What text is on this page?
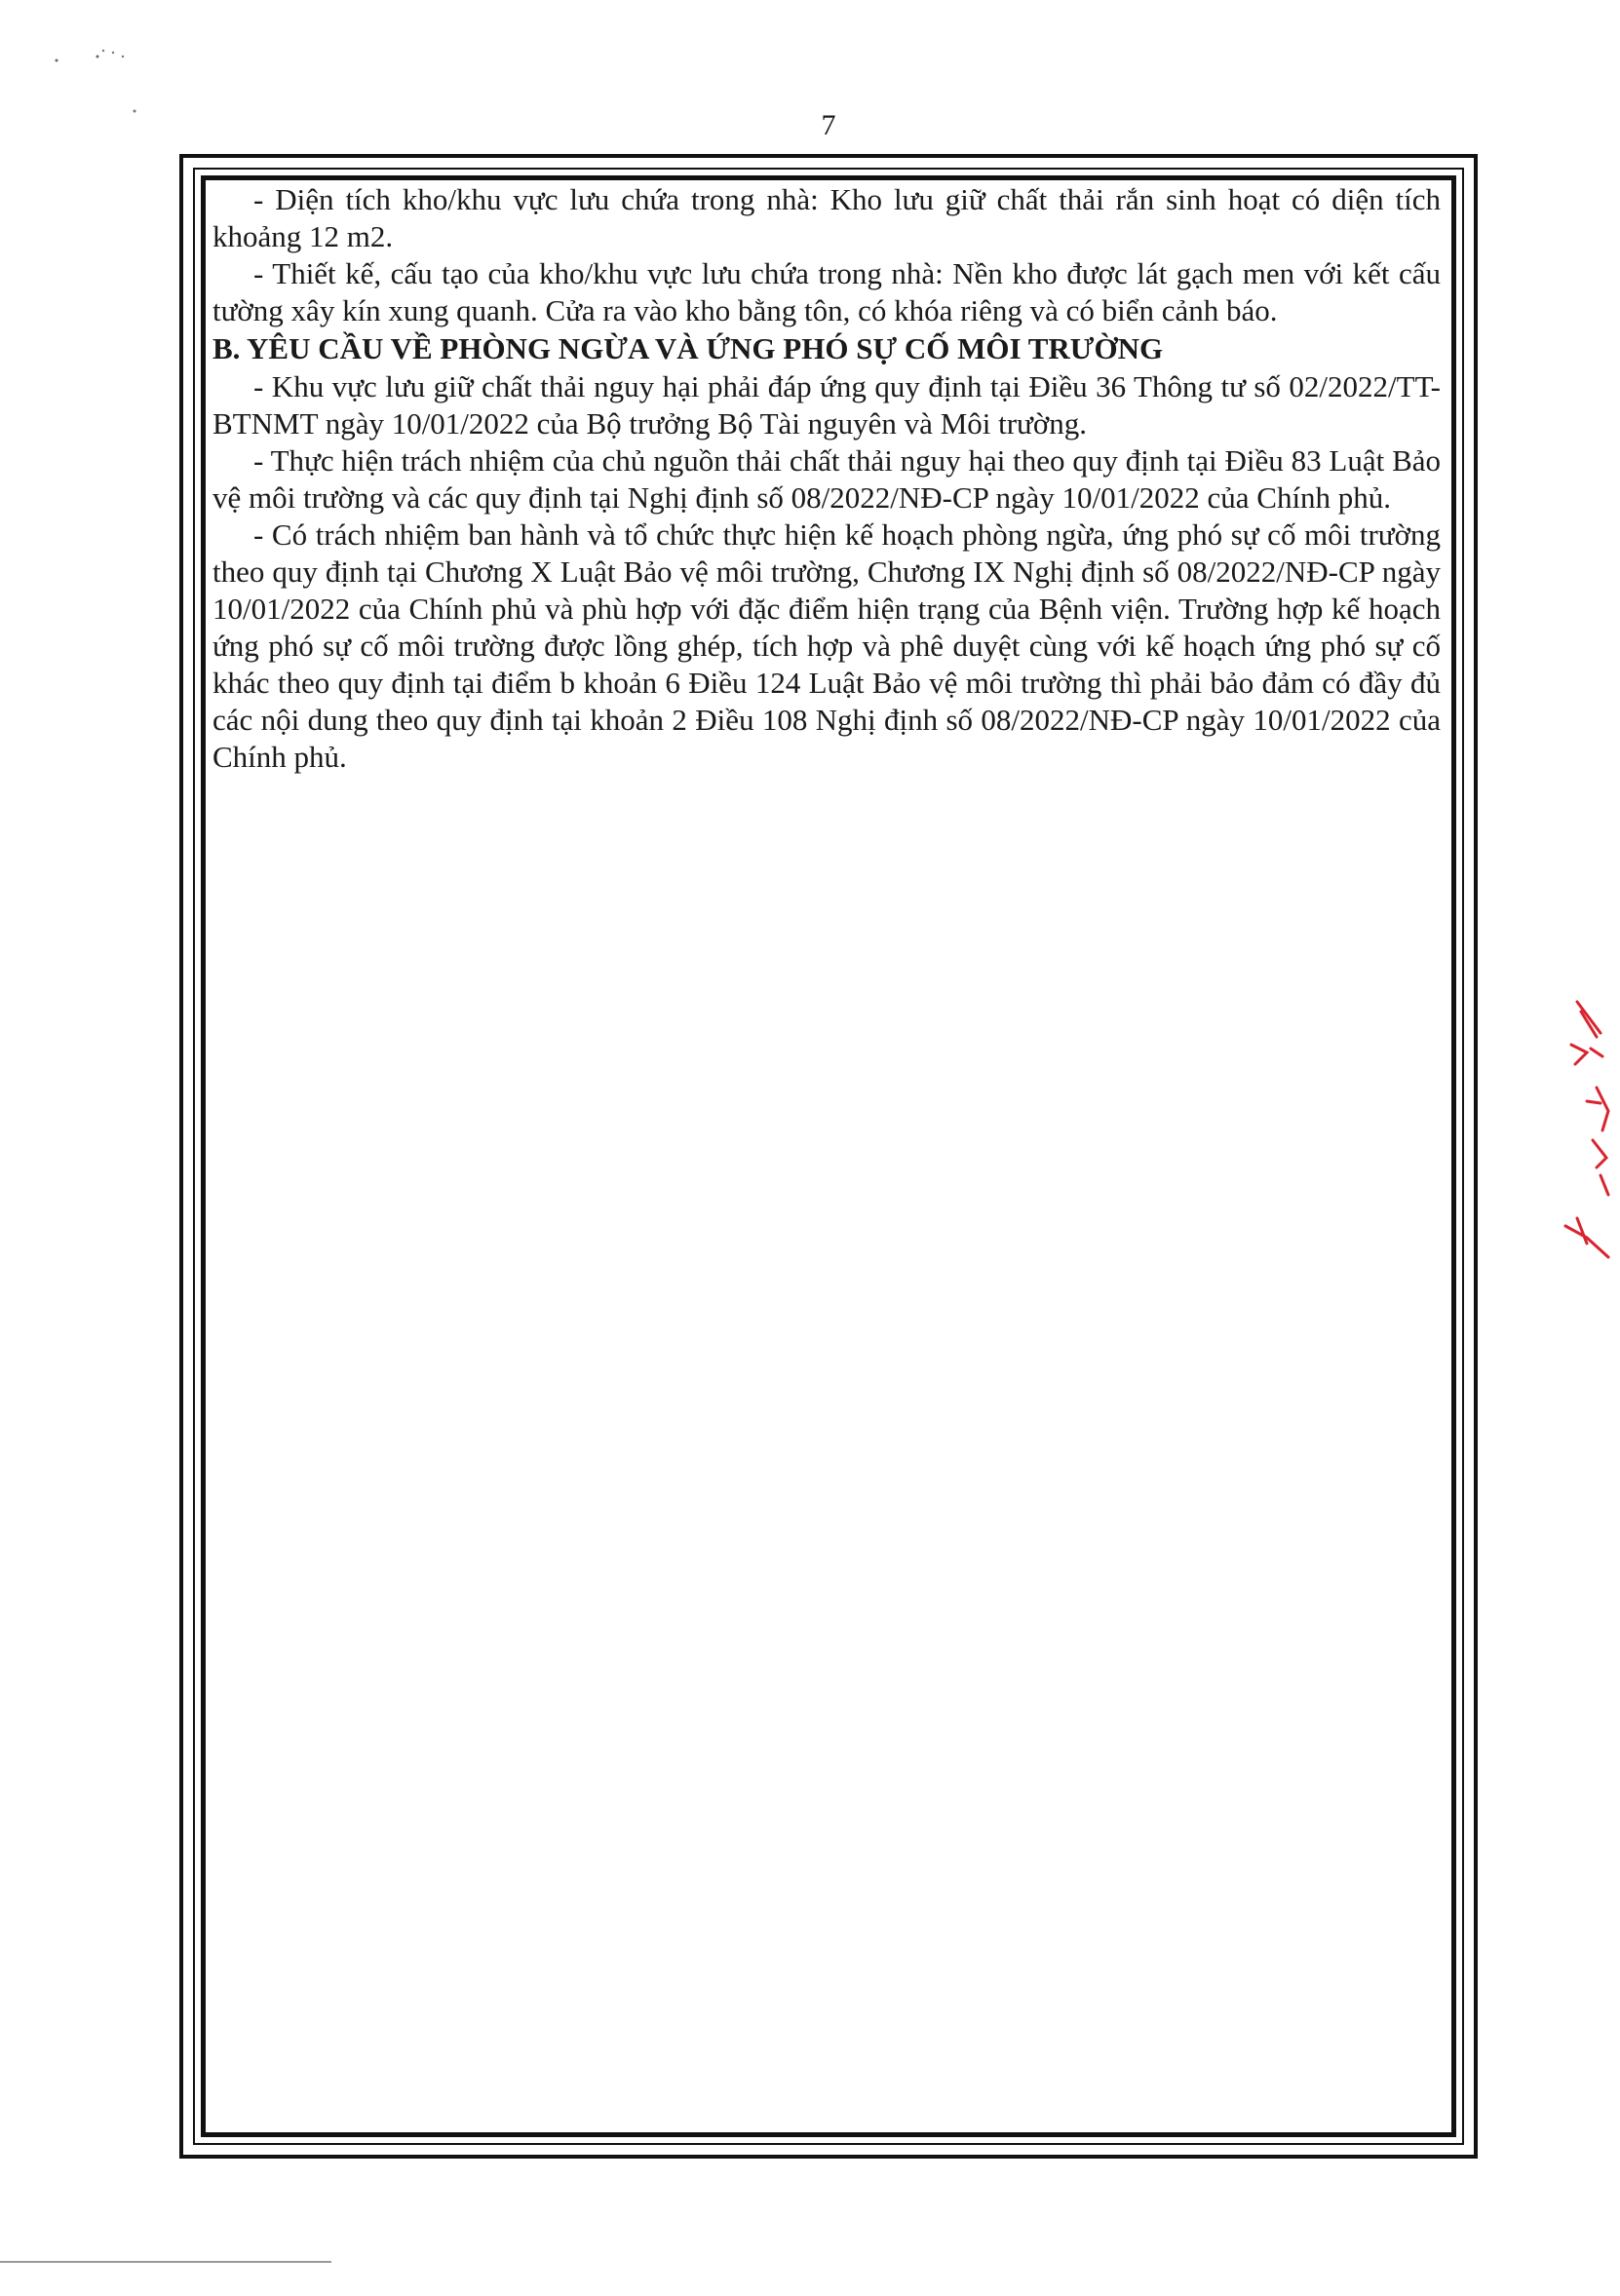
7

- Diện tích kho/khu vực lưu chứa trong nhà: Kho lưu giữ chất thải rắn sinh hoạt có diện tích khoảng 12 m2.

- Thiết kế, cấu tạo của kho/khu vực lưu chứa trong nhà: Nền kho được lát gạch men với kết cấu tường xây kín xung quanh. Cửa ra vào kho bằng tôn, có khóa riêng và có biển cảnh báo.

B. YÊU CẦU VỀ PHÒNG NGỪA VÀ ỨNG PHÓ SỰ CỐ MÔI TRƯỜNG

- Khu vực lưu giữ chất thải nguy hại phải đáp ứng quy định tại Điều 36 Thông tư số 02/2022/TT-BTNMT ngày 10/01/2022 của Bộ trưởng Bộ Tài nguyên và Môi trường.

- Thực hiện trách nhiệm của chủ nguồn thải chất thải nguy hại theo quy định tại Điều 83 Luật Bảo vệ môi trường và các quy định tại Nghị định số 08/2022/NĐ-CP ngày 10/01/2022 của Chính phủ.

- Có trách nhiệm ban hành và tổ chức thực hiện kế hoạch phòng ngừa, ứng phó sự cố môi trường theo quy định tại Chương X Luật Bảo vệ môi trường, Chương IX Nghị định số 08/2022/NĐ-CP ngày 10/01/2022 của Chính phủ và phù hợp với đặc điểm hiện trạng của Bệnh viện. Trường hợp kế hoạch ứng phó sự cố môi trường được lồng ghép, tích hợp và phê duyệt cùng với kế hoạch ứng phó sự cố khác theo quy định tại điểm b khoản 6 Điều 124 Luật Bảo vệ môi trường thì phải bảo đảm có đầy đủ các nội dung theo quy định tại khoản 2 Điều 108 Nghị định số 08/2022/NĐ-CP ngày 10/01/2022 của Chính phủ.
